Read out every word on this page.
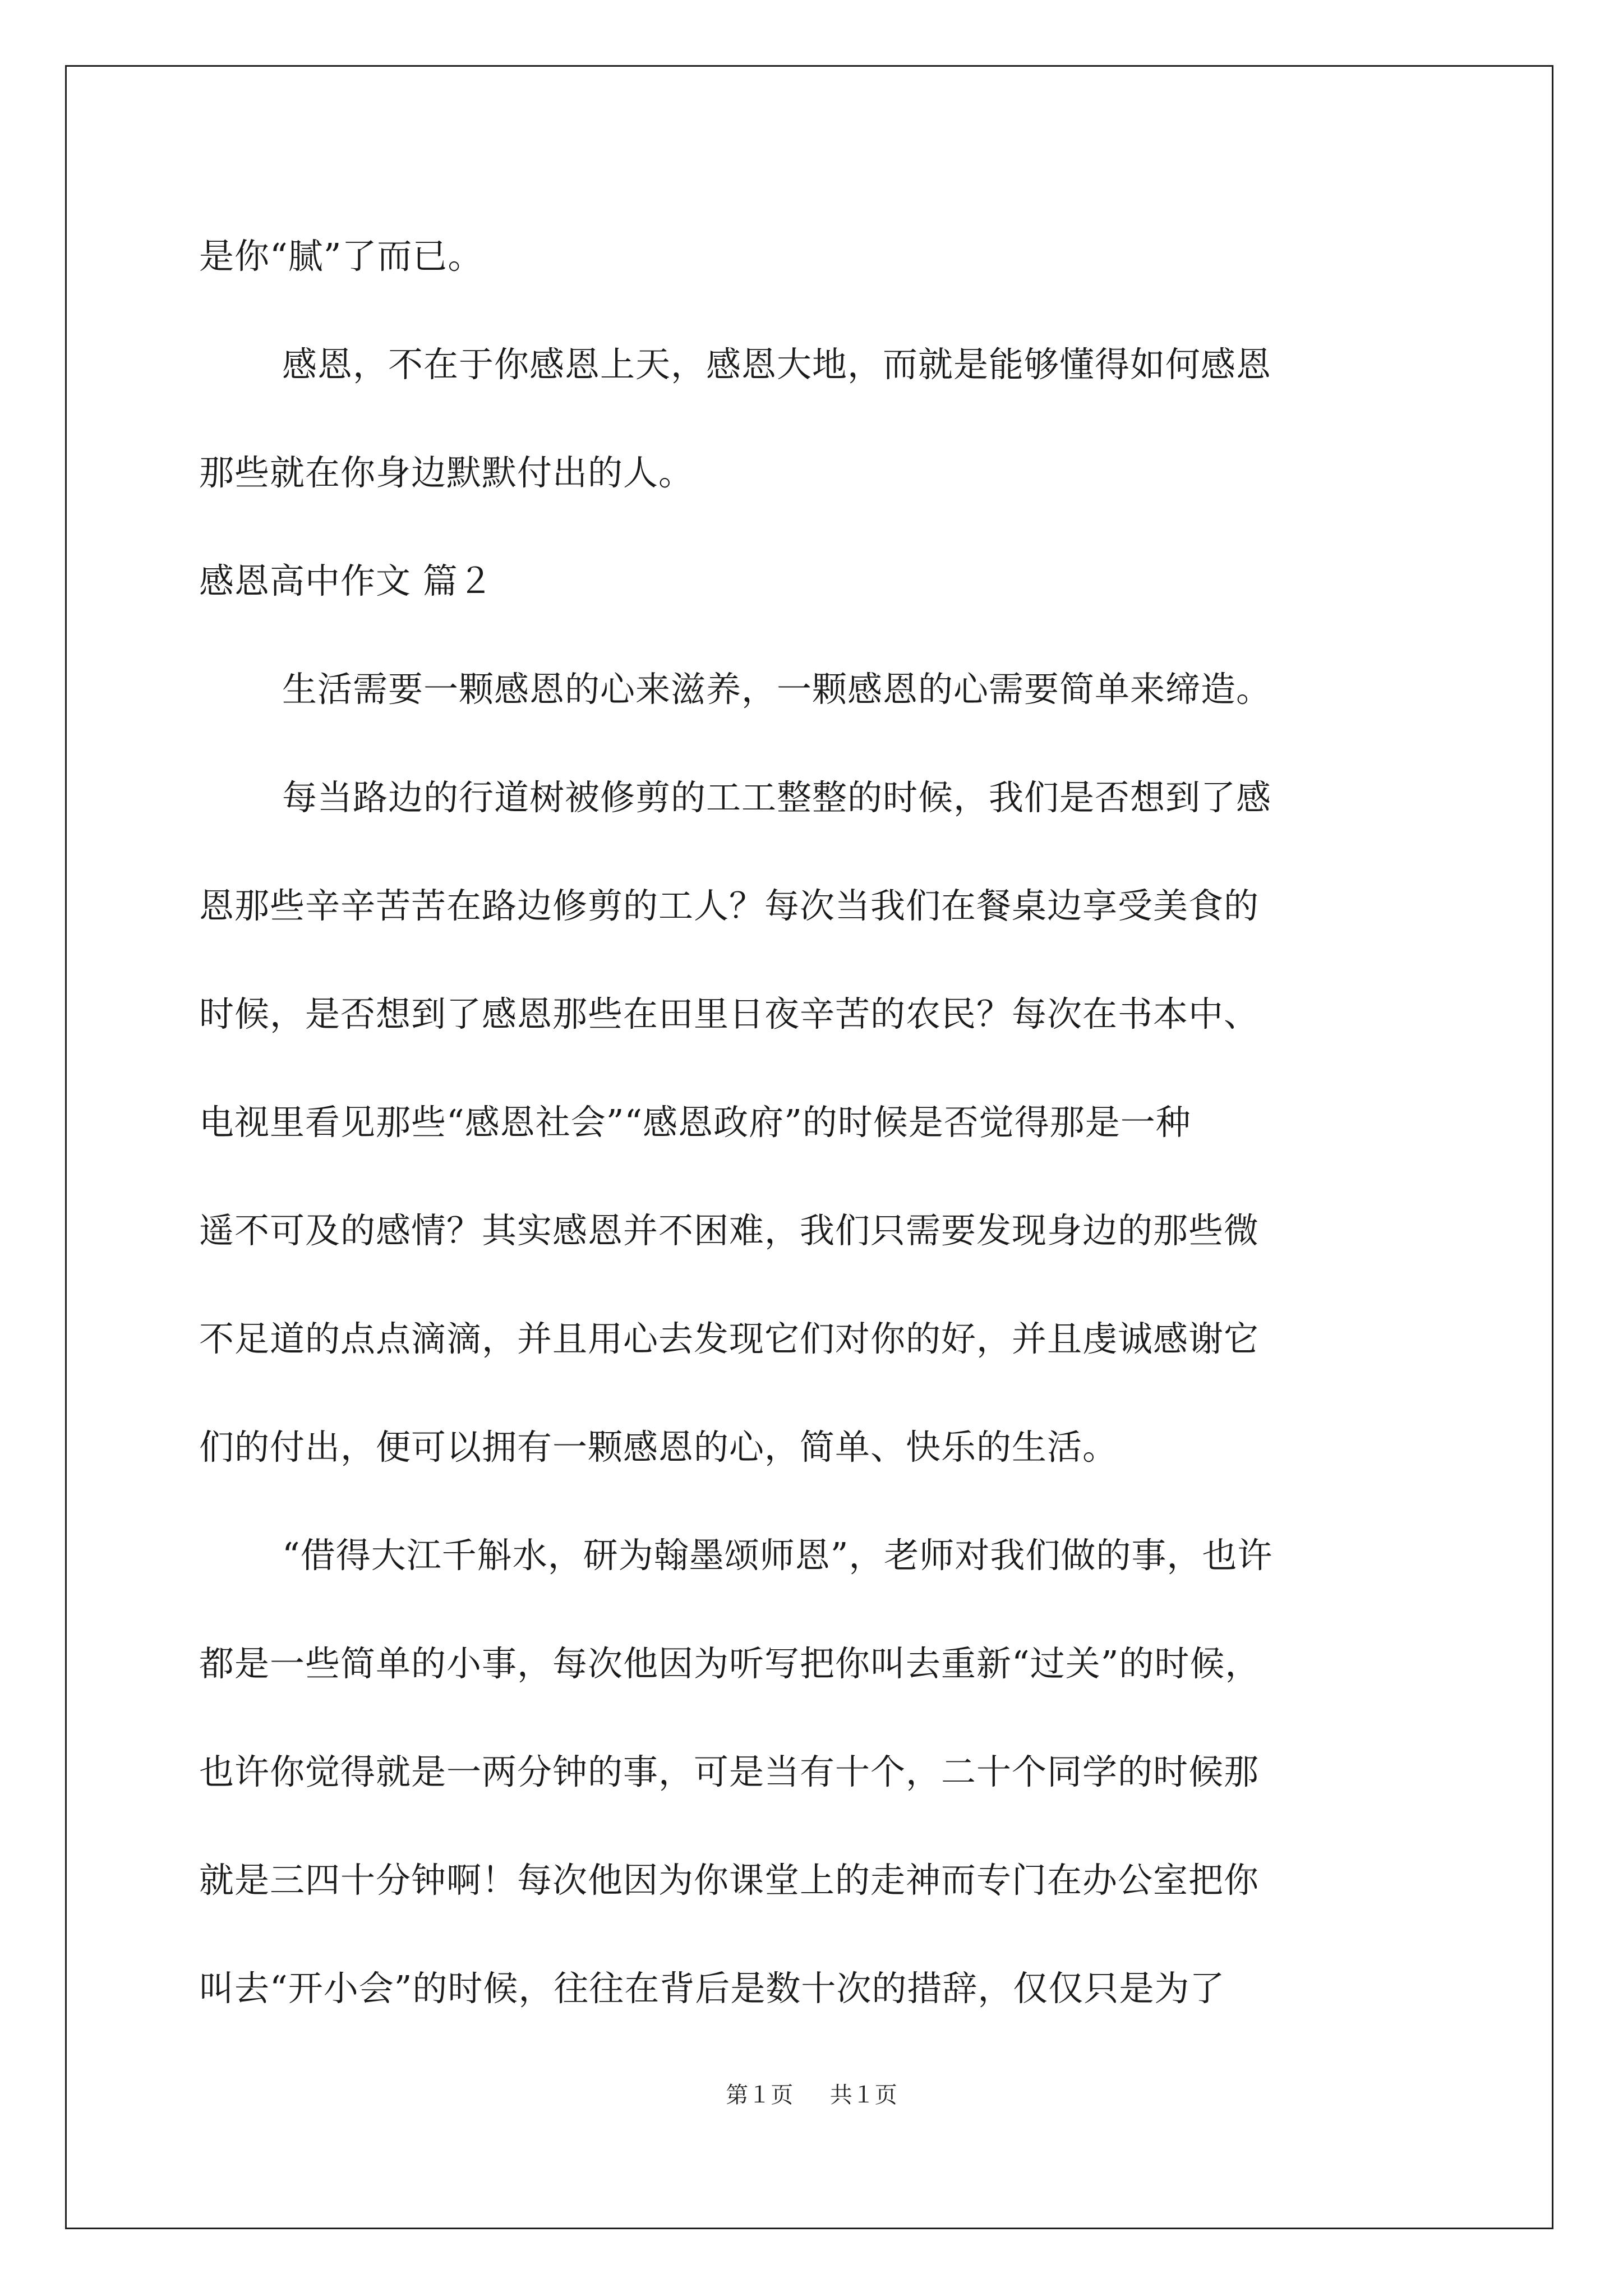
是你“腻”了而已。
感恩，不在于你感恩上天，感恩大地，而就是能够懂得如何感恩
那些就在你身边默默付出的人。
感恩高中作文 篇２
生活需要一颗感恩的心来滋养，一颗感恩的心需要简单来缔造。
每当路边的行道树被修剪的工工整整的时候，我们是否想到了感
恩那些辛辛苦苦在路边修剪的工人？每次当我们在餐桌边享受美食的
时候，是否想到了感恩那些在田里日夜辛苦的农民？每次在书本中、
电视里看见那些“感恩社会”“感恩政府”的时候是否觉得那是一种
遥不可及的感情？其实感恩并不困难，我们只需要发现身边的那些微
不足道的点点滴滴，并且用心去发现它们对你的好，并且虔诚感谢它
们的付出，便可以拥有一颗感恩的心，简单、快乐的生活。
“借得大江千斛水，研为翰墨颂师恩”，老师对我们做的事，也许
都是一些简单的小事，每次他因为听写把你叫去重新“过关”的时候，
也许你觉得就是一两分钟的事，可是当有十个，二十个同学的时候那
就是三四十分钟啊！每次他因为你课堂上的走神而专门在办公室把你
叫去“开小会”的时候，往往在背后是数十次的措辞，仅仅只是为了
第１页 共１页
